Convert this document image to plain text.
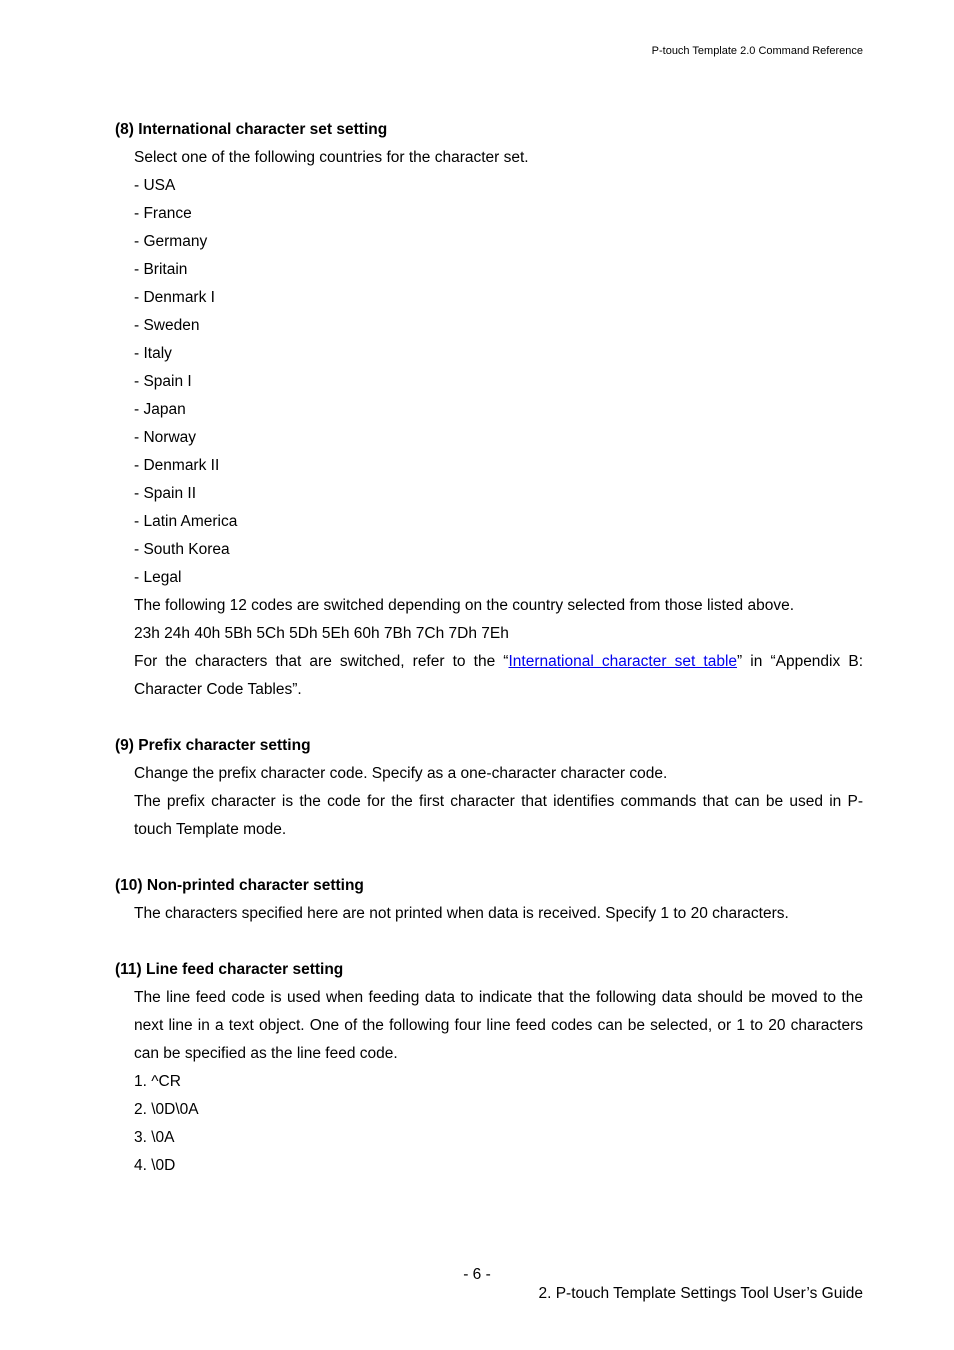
P-touch Template 2.0 Command Reference
(8) International character set setting
Select one of the following countries for the character set.
- USA
- France
- Germany
- Britain
- Denmark I
- Sweden
- Italy
- Spain I
- Japan
- Norway
- Denmark II
- Spain II
- Latin America
- South Korea
- Legal
The following 12 codes are switched depending on the country selected from those listed above.
23h 24h 40h 5Bh 5Ch 5Dh 5Eh 60h 7Bh 7Ch 7Dh 7Eh
For the characters that are switched, refer to the “International character set table” in “Appendix B: Character Code Tables”.
(9) Prefix character setting
Change the prefix character code. Specify as a one-character character code.
The prefix character is the code for the first character that identifies commands that can be used in P-touch Template mode.
(10) Non-printed character setting
The characters specified here are not printed when data is received. Specify 1 to 20 characters.
(11) Line feed character setting
The line feed code is used when feeding data to indicate that the following data should be moved to the next line in a text object. One of the following four line feed codes can be selected, or 1 to 20 characters can be specified as the line feed code.
1. ^CR
2. \0D\0A
3. \0A
4. \0D
- 6 -
2. P-touch Template Settings Tool User’s Guide
